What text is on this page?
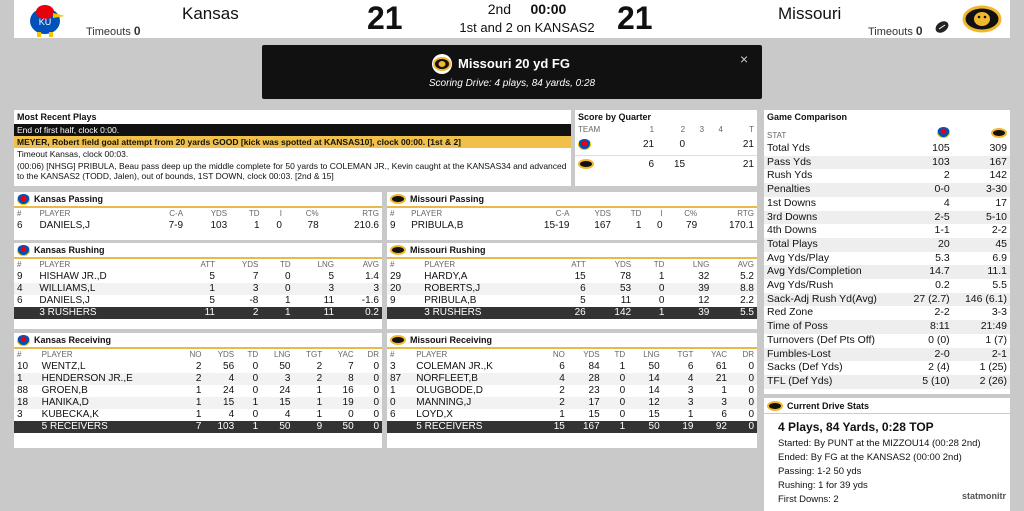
KU
Timeouts 0
Kansas	21	2nd 00:00
1st and 2 on KANSAS2 21	Missouri
Timeouts 0
Missouri 20 yd FG
Scoring Drive: 4 plays, 84 yards, 0:28
×
Most Recent Plays
End of first half, clock 0:00.
MEYER, Robert field goal attempt from 20 yards GOOD [kick was spotted at KANSAS10], clock 00:00. [1st & 2]
Timeout Kansas, clock 00:03.
(00:06) [NHSG] PRIBULA, Beau pass deep up the middle complete for 50 yards to COLEMAN JR., Kevin caught at the KANSAS34 and advanced to the KANSAS2 (TODD, Jalen), out of bounds, 1ST DOWN, clock 00:03. [2nd & 15]
Score by Quarter
TEAM	1	2	3	4	T
	21	0			21
	6	15			21
Game Comparison
STAT		
Total Yds	105	309
Pass Yds	103	167
Rush Yds	2	142
Penalties	0-0	3-30
1st Downs	4	17
3rd Downs	2-5	5-10
4th Downs	1-1	2-2
Total Plays	20	45
Avg Yds/Play	5.3	6.9
Avg Yds/Completion	14.7	11.1
Avg Yds/Rush	0.2	5.5
Sack-Adj Rush Yd(Avg)	27 (2.7)	146 (6.1)
Red Zone	2-2	3-3
Time of Poss	8:11	21:49
Turnovers (Def Pts Off)	0 (0)	1 (7)
Fumbles-Lost	2-0	2-1
Sacks (Def Yds)	2 (4)	1 (25)
TFL (Def Yds)	5 (10)	2 (26)
Current Drive Stats
4 Plays, 84 Yards, 0:28 TOP
Started: By PUNT at the MIZZOU14 (00:28 2nd)
Ended: By FG at the KANSAS2 (00:00 2nd)
Passing: 1-2 50 yds
Rushing: 1 for 39 yds
First Downs: 2	statmonitr
Kansas Passing
#	PLAYER	C-A	YDS	TD	I	C%	RTG
6	DANIELS,J	7-9	103	1	0	78	210.6
Missouri Passing
#	PLAYER	C-A	YDS	TD	I	C%	RTG
9	PRIBULA,B	15-19	167	1	0	79	170.1
Kansas Rushing
#	PLAYER	ATT	YDS	TD	LNG	AVG
9	HISHAW JR.,D	5	7	0	5	1.4
4	WILLIAMS,L	1	3	0	3	3
6	DANIELS,J	5	-8	1	11	-1.6
	3 RUSHERS	11	2	1	11	0.2
Missouri Rushing
#	PLAYER	ATT	YDS	TD	LNG	AVG
29	HARDY,A	15	78	1	32	5.2
20	ROBERTS,J	6	53	0	39	8.8
9	PRIBULA,B	5	11	0	12	2.2
	3 RUSHERS	26	142	1	39	5.5
Kansas Receiving
#	PLAYER	NO	YDS	TD	LNG	TGT	YAC	DR
10	WENTZ,L	2	56	0	50	2	7	0
1	HENDERSON JR.,E	2	4	0	3	2	8	0
88	GROEN,B	1	24	0	24	1	16	0
18	HANIKA,D	1	15	1	15	1	19	0
3	KUBECKA,K	1	4	0	4	1	0	0
	5 RECEIVERS	7	103	1	50	9	50	0
Missouri Receiving
#	PLAYER	NO	YDS	TD	LNG	TGT	YAC	DR
3	COLEMAN JR.,K	6	84	1	50	6	61	0
87	NORFLEET,B	4	28	0	14	4	21	0
1	OLUGBODE,D	2	23	0	14	3	1	0
0	MANNING,J	2	17	0	12	3	3	0
6	LOYD,X	1	15	0	15	1	6	0
	5 RECEIVERS	15	167	1	50	19	92	0
